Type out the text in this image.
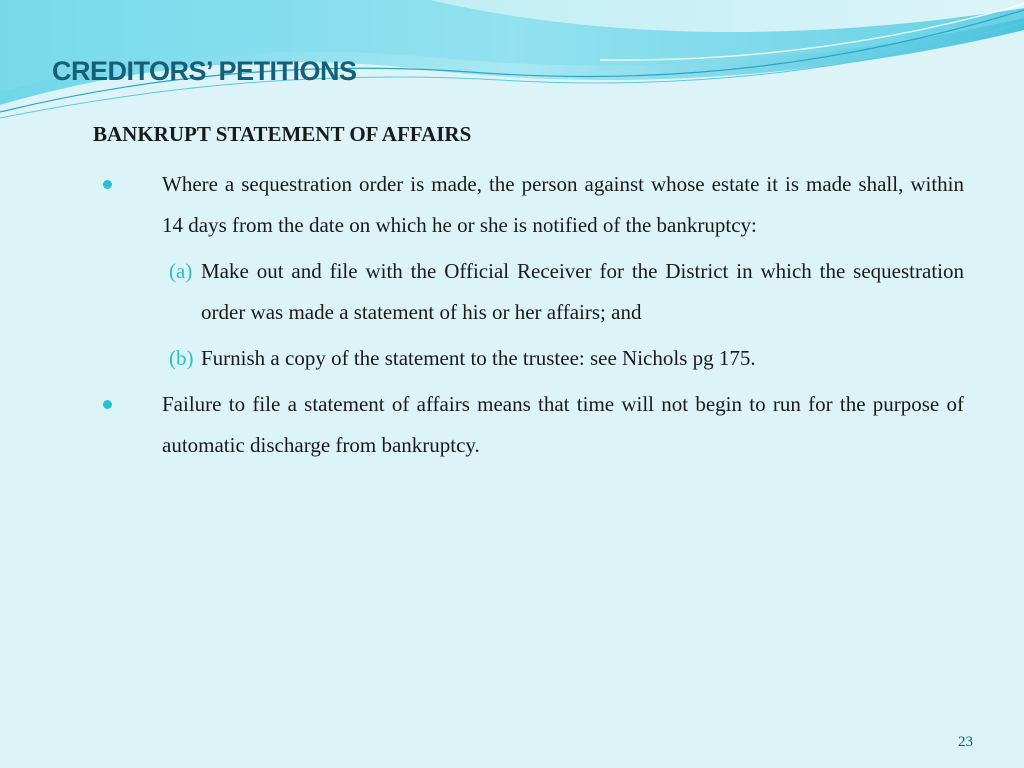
CREDITORS’ PETITIONS
BANKRUPT STATEMENT OF AFFAIRS
Where a sequestration order is made, the person against whose estate it is made shall, within 14 days from the date on which he or she is notified of the bankruptcy:
(a) Make out and file with the Official Receiver for the District in which the sequestration order was made a statement of his or her affairs; and
(b) Furnish a copy of the statement to the trustee: see Nichols pg 175.
Failure to file a statement of affairs means that time will not begin to run for the purpose of automatic discharge from bankruptcy.
23
